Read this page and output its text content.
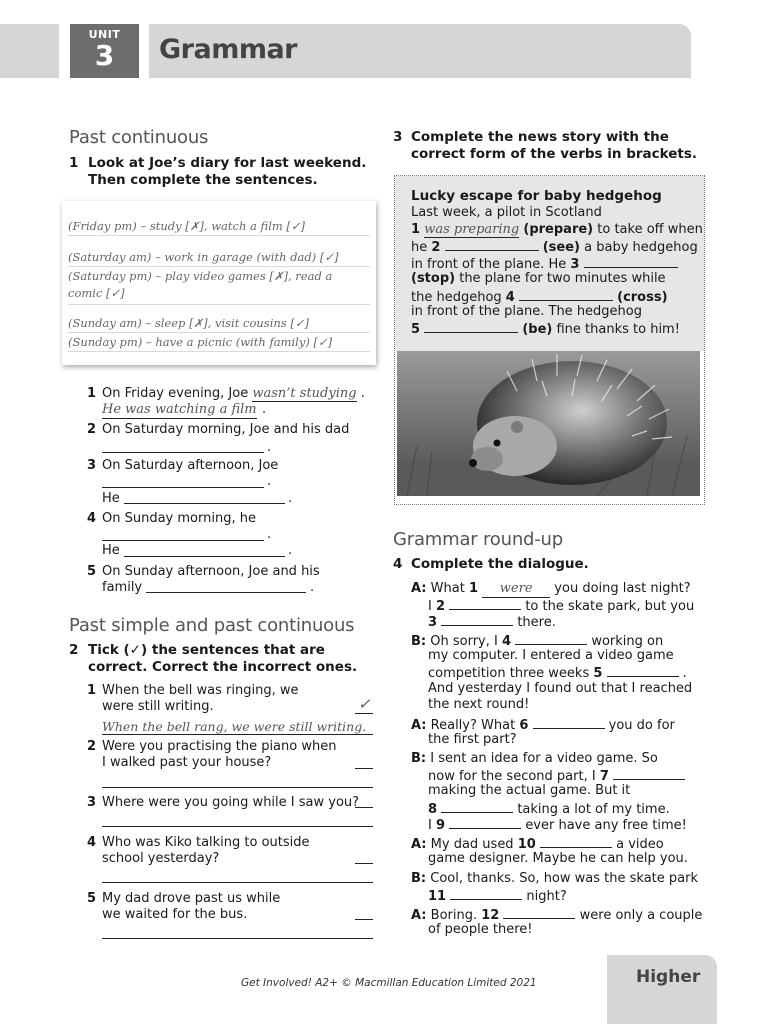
UNIT
3	Grammar
Past continuous
1 Look at Joe’s diary for last weekend. Then complete the sentences.
(Friday pm) – study [✗], watch a film [✓]
(Saturday am) – work in garage (with dad) [✓]
(Saturday pm) – play video games [✗], read a comic [✓]
(Sunday am) – sleep [✗], visit cousins [✓]
(Sunday pm) – have a picnic (with family) [✓]
1 On Friday evening, Joe wasn’t studying .
He was watching a film .
2 On Saturday morning, Joe and his dad
.
3 On Saturday afternoon, Joe
.
He	.
4 On Sunday morning, he
.
He	.
5 On Sunday afternoon, Joe and his
family	.
Past simple and past continuous
2 Tick (✓) the sentences that are correct. Correct the incorrect ones.
1 When the bell was ringing, we
were still writing.	✓
When the bell rang, we were still writing.
2 Were you practising the piano when
I walked past your house?
3 Where were you going while I saw you?
4 Who was Kiko talking to outside
school yesterday?
5 My dad drove past us while
we waited for the bus.
3 Complete the news story with the correct form of the verbs in brackets.
Lucky escape for baby hedgehog
Last week, a pilot in Scotland
1 was preparing (prepare) to take off when
he 2	(see) a baby hedgehog
in front of the plane. He 3
(stop) the plane for two minutes while
the hedgehog 4	(cross)
in front of the plane. The hedgehog
5	(be) fine thanks to him!
Grammar round-up
4 Complete the dialogue.
A: What 1 were you doing last night?
I 2	to the skate park, but you
3	there.
B: Oh sorry, I 4	working on
my computer. I entered a video game
competition three weeks 5	.
And yesterday I found out that I reached
the next round!
A: Really? What 6	you do for
the first part?
B: I sent an idea for a video game. So
now for the second part, I 7
making the actual game. But it
8	taking a lot of my time.
I 9	ever have any free time!
A: My dad used 10	a video
game designer. Maybe he can help you.
B: Cool, thanks. So, how was the skate park
11	night?
A: Boring. 12	were only a couple
of people there!
Get Involved! A2+ © Macmillan Education Limited 2021	Higher
